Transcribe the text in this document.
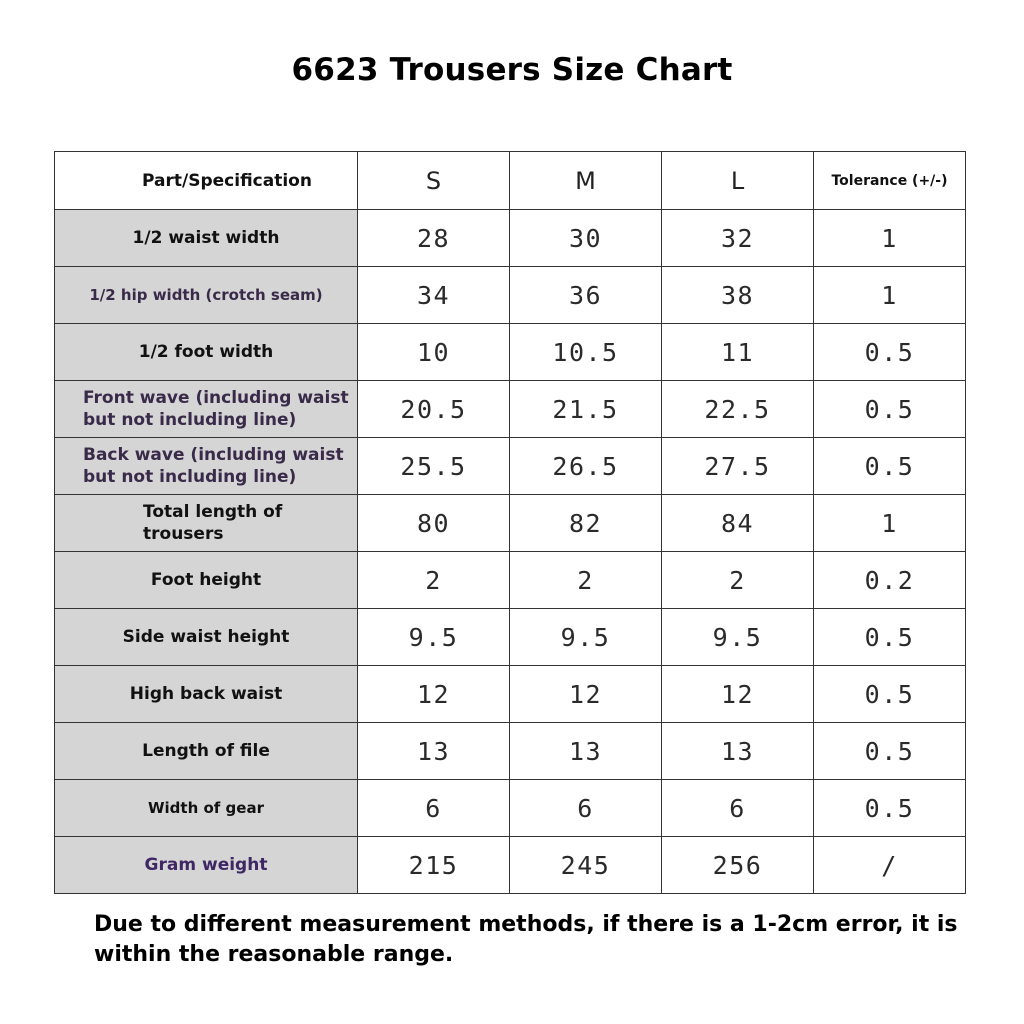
6623 Trousers Size Chart
Part/Specification	S	M	L	Tolerance (+/-)
1/2 waist width	28	30	32	1
1/2 hip width (crotch seam)	34	36	38	1
1/2 foot width	10	10.5	11	0.5
Front wave (including waist but not including line)	20.5	21.5	22.5	0.5
Back wave (including waist but not including line)	25.5	26.5	27.5	0.5
Total length of trousers	80	82	84	1
Foot height	2	2	2	0.2
Side waist height	9.5	9.5	9.5	0.5
High back waist	12	12	12	0.5
Length of file	13	13	13	0.5
Width of gear	6	6	6	0.5
Gram weight	215	245	256	/
Due to different measurement methods, if there is a 1-2cm error, it is within the reasonable range.
